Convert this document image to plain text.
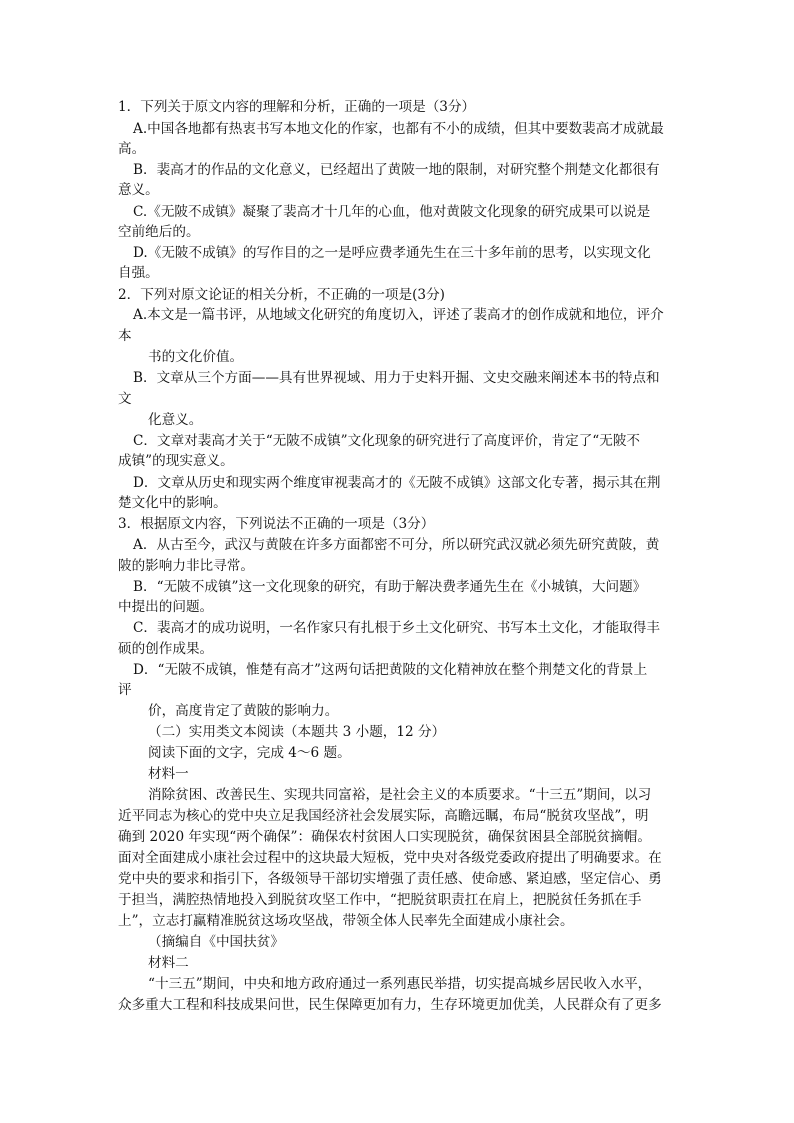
1．下列关于原文内容的理解和分析，正确的一项是（3分）
A.中国各地都有热衷书写本地文化的作家，也都有不小的成绩，但其中要数裴高才成就最
高。
B．裴高才的作品的文化意义，已经超出了黄陂一地的限制，对研究整个荆楚文化都很有
意义。
C.《无陂不成镇》凝聚了裴高才十几年的心血，他对黄陂文化现象的研究成果可以说是
空前绝后的。
D.《无陂不成镇》的写作目的之一是呼应费孝通先生在三十多年前的思考，以实现文化
自强。
2．下列对原文论证的相关分析，不正确的一项是(3分)
A.本文是一篇书评，从地域文化研究的角度切入，评述了裴高才的创作成就和地位，评介
本
书的文化价值。
B．文章从三个方面——具有世界视域、用力于史料开掘、文史交融来阐述本书的特点和
文
化意义。
C．文章对裴高才关于“无陂不成镇”文化现象的研究进行了高度评价，肯定了“无陂不
成镇”的现实意义。
D．文章从历史和现实两个维度审视裴高才的《无陂不成镇》这部文化专著，揭示其在荆
楚文化中的影响。
3．根据原文内容，下列说法不正确的一项是（3分）
A．从古至今，武汉与黄陂在许多方面都密不可分，所以研究武汉就必须先研究黄陂，黄
陂的影响力非比寻常。
B．“无陂不成镇”这一文化现象的研究，有助于解决费孝通先生在《小城镇，大问题》
中提出的问题。
C．裴高才的成功说明，一名作家只有扎根于乡土文化研究、书写本土文化，才能取得丰
硕的创作成果。
D．“无陂不成镇，惟楚有高才”这两句话把黄陂的文化精神放在整个荆楚文化的背景上
评
价，高度肯定了黄陂的影响力。
（二）实用类文本阅读（本题共 3 小题，12 分）
阅读下面的文字，完成 4～6 题。
材料一
消除贫困、改善民生、实现共同富裕，是社会主义的本质要求。“十三五”期间，以习
近平同志为核心的党中央立足我国经济社会发展实际，高瞻远瞩，布局“脱贫攻坚战”，明
确到 2020 年实现“两个确保”：确保农村贫困人口实现脱贫，确保贫困县全部脱贫摘帽。
面对全面建成小康社会过程中的这块最大短板，党中央对各级党委政府提出了明确要求。在
党中央的要求和指引下，各级领导干部切实增强了责任感、使命感、紧迫感，坚定信心、勇
于担当，满腔热情地投入到脱贫攻坚工作中，“把脱贫职责扛在肩上，把脱贫任务抓在手
上”，立志打赢精准脱贫这场攻坚战，带领全体人民率先全面建成小康社会。
（摘编自《中国扶贫》
材料二
“十三五”期间，中央和地方政府通过一系列惠民举措，切实提高城乡居民收入水平，
众多重大工程和科技成果问世，民生保障更加有力，生存环境更加优美，人民群众有了更多
